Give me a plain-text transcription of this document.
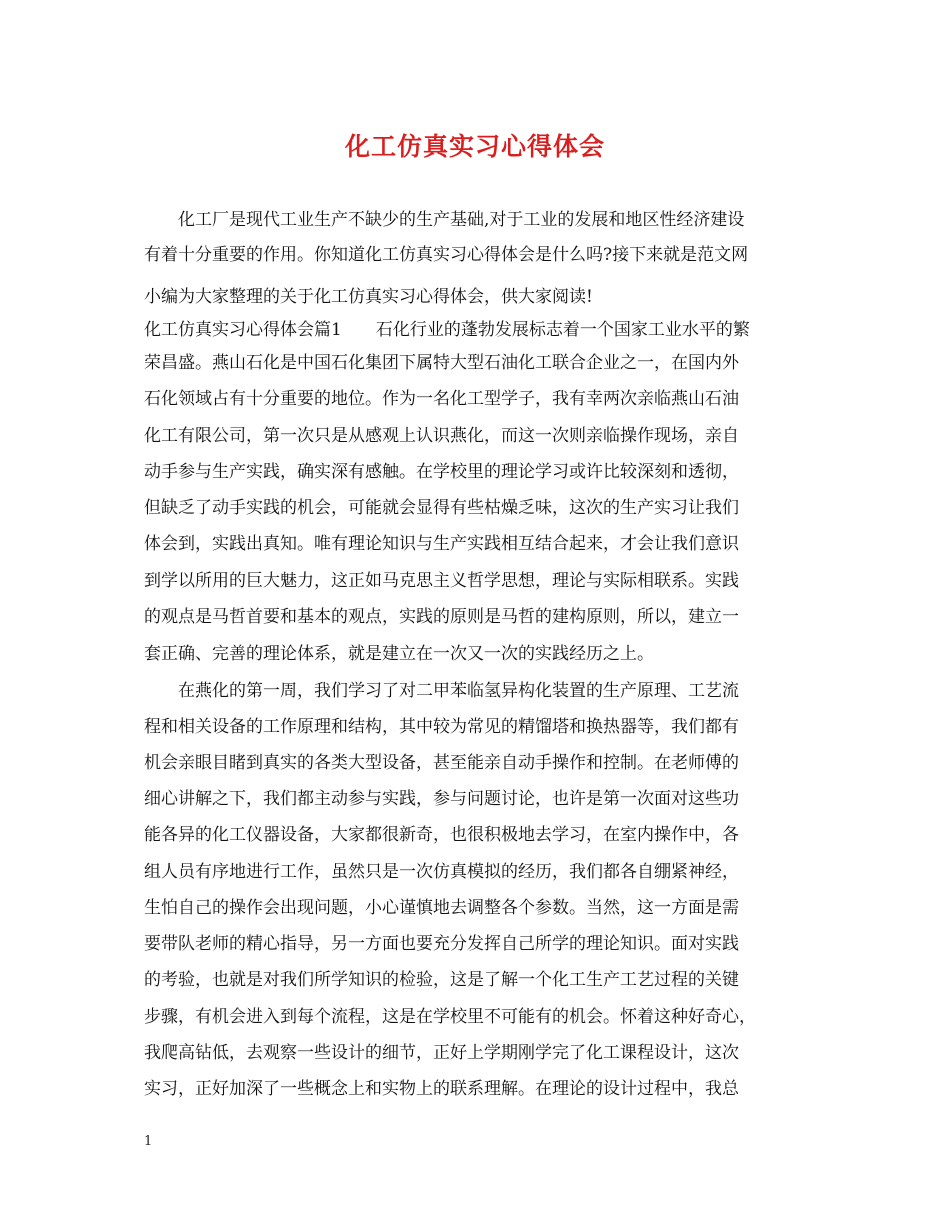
化工仿真实习心得体会
化工厂是现代工业生产不缺少的生产基础,对于工业的发展和地区性经济建设
有着十分重要的作用。你知道化工仿真实习心得体会是什么吗?接下来就是范文网
小编为大家整理的关于化工仿真实习心得体会，供大家阅读!
化工仿真实习心得体会篇1　　石化行业的蓬勃发展标志着一个国家工业水平的繁
荣昌盛。燕山石化是中国石化集团下属特大型石油化工联合企业之一，在国内外
石化领域占有十分重要的地位。作为一名化工型学子，我有幸两次亲临燕山石油
化工有限公司，第一次只是从感观上认识燕化，而这一次则亲临操作现场，亲自
动手参与生产实践，确实深有感触。在学校里的理论学习或许比较深刻和透彻，
但缺乏了动手实践的机会，可能就会显得有些枯燥乏味，这次的生产实习让我们
体会到，实践出真知。唯有理论知识与生产实践相互结合起来，才会让我们意识
到学以所用的巨大魅力，这正如马克思主义哲学思想，理论与实际相联系。实践
的观点是马哲首要和基本的观点，实践的原则是马哲的建构原则，所以，建立一
套正确、完善的理论体系，就是建立在一次又一次的实践经历之上。
在燕化的第一周，我们学习了对二甲苯临氢异构化装置的生产原理、工艺流
程和相关设备的工作原理和结构，其中较为常见的精馏塔和换热器等，我们都有
机会亲眼目睹到真实的各类大型设备，甚至能亲自动手操作和控制。在老师傅的
细心讲解之下，我们都主动参与实践，参与问题讨论，也许是第一次面对这些功
能各异的化工仪器设备，大家都很新奇，也很积极地去学习，在室内操作中，各
组人员有序地进行工作，虽然只是一次仿真模拟的经历，我们都各自绷紧神经，
生怕自己的操作会出现问题，小心谨慎地去调整各个参数。当然，这一方面是需
要带队老师的精心指导，另一方面也要充分发挥自己所学的理论知识。面对实践
的考验，也就是对我们所学知识的检验，这是了解一个化工生产工艺过程的关键
步骤，有机会进入到每个流程，这是在学校里不可能有的机会。怀着这种好奇心，
我爬高钻低，去观察一些设计的细节，正好上学期刚学完了化工课程设计，这次
实习，正好加深了一些概念上和实物上的联系理解。在理论的设计过程中，我总
1
